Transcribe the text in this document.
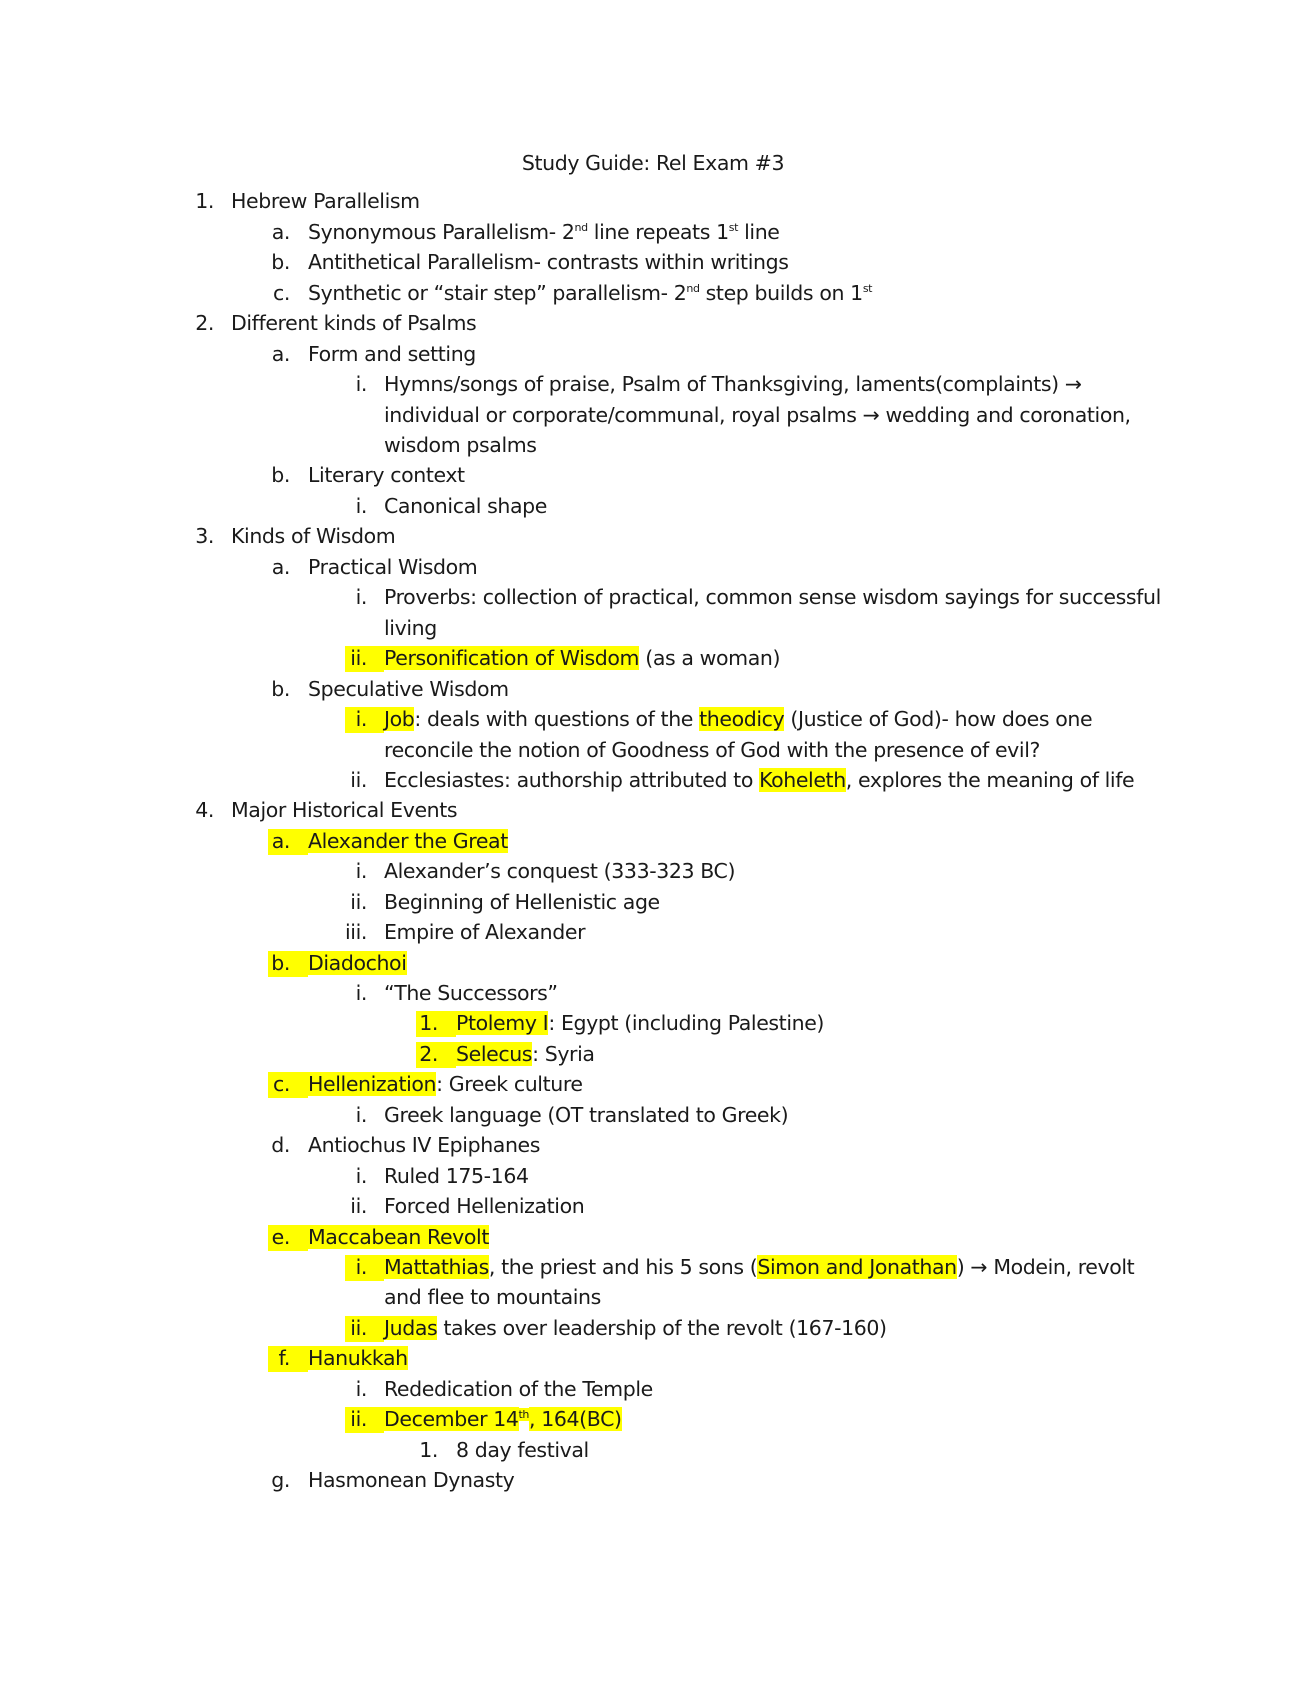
Study Guide: Rel Exam #3
1. Hebrew Parallelism
a. Synonymous Parallelism- 2nd line repeats 1st line
b. Antithetical Parallelism- contrasts within writings
c. Synthetic or “stair step” parallelism- 2nd step builds on 1st
2. Different kinds of Psalms
a. Form and setting
i. Hymns/songs of praise, Psalm of Thanksgiving, laments(complaints) →
individual or corporate/communal, royal psalms → wedding and coronation,
wisdom psalms
b. Literary context
i. Canonical shape
3. Kinds of Wisdom
a. Practical Wisdom
i. Proverbs: collection of practical, common sense wisdom sayings for successful
living
ii. Personification of Wisdom (as a woman)
b. Speculative Wisdom
i. Job: deals with questions of the theodicy (Justice of God)- how does one
reconcile the notion of Goodness of God with the presence of evil?
ii. Ecclesiastes: authorship attributed to Koheleth, explores the meaning of life
4. Major Historical Events
a. Alexander the Great
i. Alexander’s conquest (333-323 BC)
ii. Beginning of Hellenistic age
iii. Empire of Alexander
b. Diadochoi
i. “The Successors”
1. Ptolemy I: Egypt (including Palestine)
2. Selecus: Syria
c. Hellenization: Greek culture
i. Greek language (OT translated to Greek)
d. Antiochus IV Epiphanes
i. Ruled 175-164
ii. Forced Hellenization
e. Maccabean Revolt
i. Mattathias, the priest and his 5 sons (Simon and Jonathan) → Modein, revolt
and flee to mountains
ii. Judas takes over leadership of the revolt (167-160)
f. Hanukkah
i. Rededication of the Temple
ii. December 14th, 164(BC)
1. 8 day festival
g. Hasmonean Dynasty
